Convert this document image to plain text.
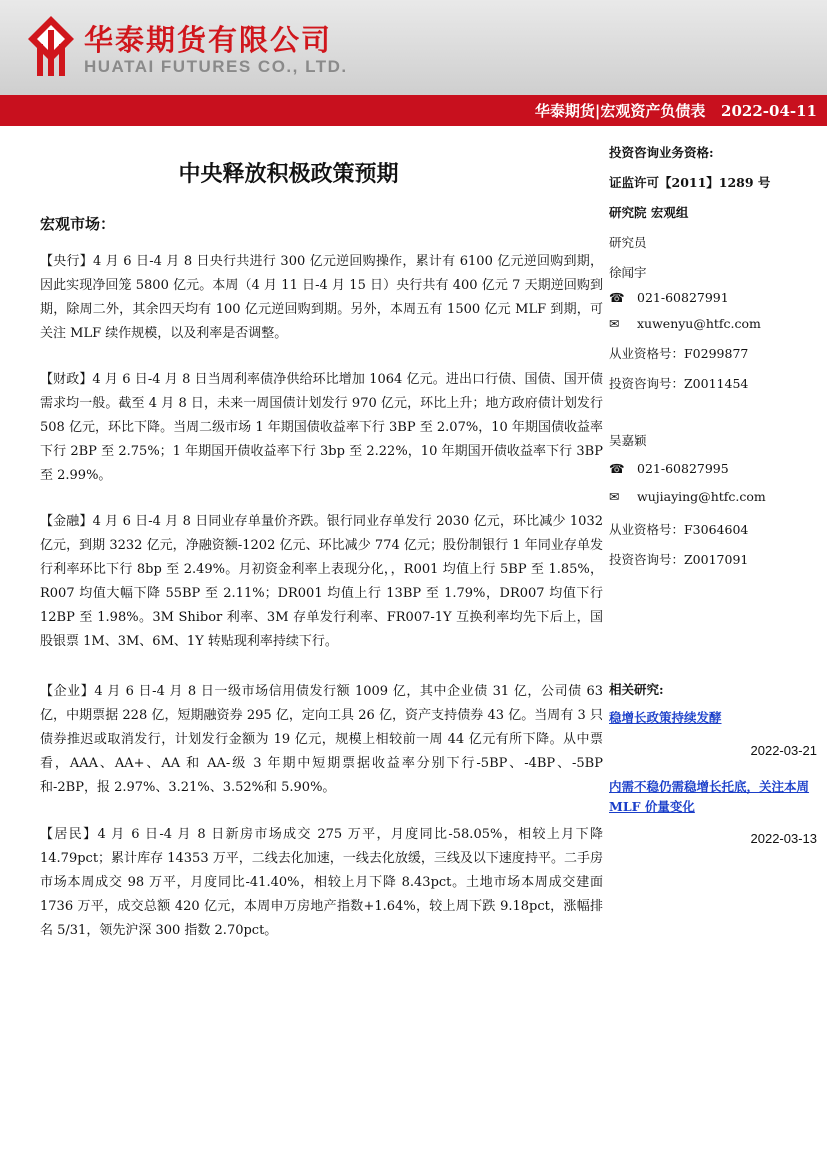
华泰期货有限公司
HUATAI FUTURES CO., LTD.
华泰期货|宏观资产负债表   2022-04-11
中央释放积极政策预期
宏观市场：
【央行】4 月 6 日-4 月 8 日央行共进行 300 亿元逆回购操作，累计有 6100 亿元逆回购到期，因此实现净回笼 5800 亿元。本周（4 月 11 日-4 月 15 日）央行共有 400 亿元 7 天期逆回购到期，除周二外，其余四天均有 100 亿元逆回购到期。另外，本周五有 1500 亿元 MLF 到期，可关注 MLF 续作规模，以及利率是否调整。
【财政】4 月 6 日-4 月 8 日当周利率债净供给环比增加 1064 亿元。进出口行债、国债、国开债需求均一般。截至 4 月 8 日，未来一周国债计划发行 970 亿元，环比上升；地方政府债计划发行 508 亿元，环比下降。当周二级市场 1 年期国债收益率下行 3BP 至 2.07%，10 年期国债收益率下行 2BP 至 2.75%；1 年期国开债收益率下行 3bp 至 2.22%，10 年期国开债收益率下行 3BP 至 2.99%。
【金融】4 月 6 日-4 月 8 日同业存单量价齐跌。银行同业存单发行 2030 亿元，环比减少 1032 亿元，到期 3232 亿元，净融资额-1202 亿元、环比减少 774 亿元；股份制银行 1 年同业存单发行利率环比下行 8bp 至 2.49%。月初资金利率上表现分化，，R001 均值上行 5BP 至 1.85%，R007 均值大幅下降 55BP 至 2.11%；DR001 均值上行 13BP 至 1.79%，DR007 均值下行 12BP 至 1.98%。3M Shibor 利率、3M 存单发行利率、FR007-1Y 互换利率均先下后上，国股银票 1M、3M、6M、1Y 转贴现利率持续下行。
【企业】4 月 6 日-4 月 8 日一级市场信用债发行额 1009 亿，其中企业债 31 亿，公司债 63 亿，中期票据 228 亿，短期融资券 295 亿，定向工具 26 亿，资产支持债券 43 亿。当周有 3 只债券推迟或取消发行，计划发行金额为 19 亿元，规模上相较前一周 44 亿元有所下降。从中票看，AAA、AA+、AA 和 AA-级 3 年期中短期票据收益率分别下行-5BP、-4BP、-5BP 和-2BP，报 2.97%、3.21%、3.52%和 5.90%。
【居民】4 月 6 日-4 月 8 日新房市场成交 275 万平，月度同比-58.05%，相较上月下降 14.79pct；累计库存 14353 万平，二线去化加速，一线去化放缓，三线及以下速度持平。二手房市场本周成交 98 万平，月度同比-41.40%，相较上月下降 8.43pct。土地市场本周成交建面 1736 万平，成交总额 420 亿元，本周申万房地产指数+1.64%，较上周下跌 9.18pct，涨幅排名 5/31，领先沪深 300 指数 2.70pct。
投资咨询业务资格:
证监许可【2011】1289 号
研究院 宏观组
研究员
徐闻宇
☎ 021-60827991
✉ xuwenyu@htfc.com
从业资格号：F0299877
投资咨询号：Z0011454
吴嘉颖
☎ 021-60827995
✉ wujiaying@htfc.com
从业资格号：F3064604
投资咨询号：Z0017091
相关研究:
稳增长政策持续发酵
2022-03-21
内需不稳仍需稳增长托底，关注本周 MLF 价量变化
2022-03-13
